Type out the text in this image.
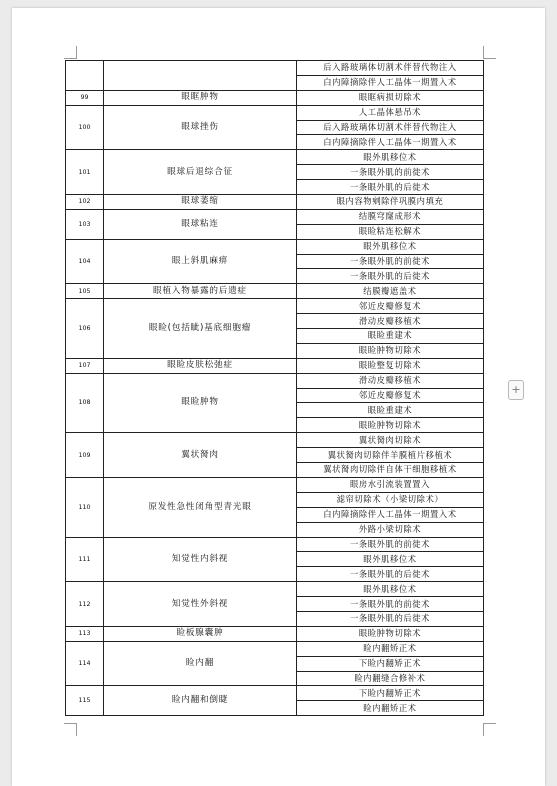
		后入路玻璃体切割术伴替代物注入
		白内障摘除伴人工晶体一期置入术
99	眼眶肿物	眼眶病损切除术
100	眼球挫伤	人工晶体悬吊术
		后入路玻璃体切割术伴替代物注入
		白内障摘除伴人工晶体一期置入术
101	眼球后退综合征	眼外肌移位术
		一条眼外肌的前徙术
		一条眼外肌的后徙术
102	眼球萎缩	眼内容物剜除伴巩膜内填充
103	眼球粘连	结膜穹窿成形术
		眼睑粘连松解术
104	眼上斜肌麻痹	眼外肌移位术
		一条眼外肌的前徙术
		一条眼外肌的后徙术
105	眼植入物暴露的后遗症	结膜瓣遮盖术
106	眼睑(包括眦)基底细胞瘤	邻近皮瓣修复术
		滑动皮瓣移植术
		眼睑重建术
		眼睑肿物切除术
107	眼睑皮肤松弛症	眼睑整复切除术
108	眼睑肿物	滑动皮瓣移植术
		邻近皮瓣修复术
		眼睑重建术
		眼睑肿物切除术
109	翼状胬肉	翼状胬肉切除术
		翼状胬肉切除伴羊膜植片移植术
		翼状胬肉切除伴自体干细胞移植术
110	原发性急性闭角型青光眼	眼房水引流装置置入
		滤帘切除术（小梁切除术）
		白内障摘除伴人工晶体一期置入术
		外路小梁切除术
111	知觉性内斜视	一条眼外肌的前徙术
		眼外肌移位术
		一条眼外肌的后徙术
112	知觉性外斜视	眼外肌移位术
		一条眼外肌的前徙术
		一条眼外肌的后徙术
113	睑板腺囊肿	眼睑肿物切除术
114	睑内翻	睑内翻矫正术
		下睑内翻矫正术
		睑内翻缝合修补术
115	睑内翻和倒睫	下睑内翻矫正术
		睑内翻矫正术
+
